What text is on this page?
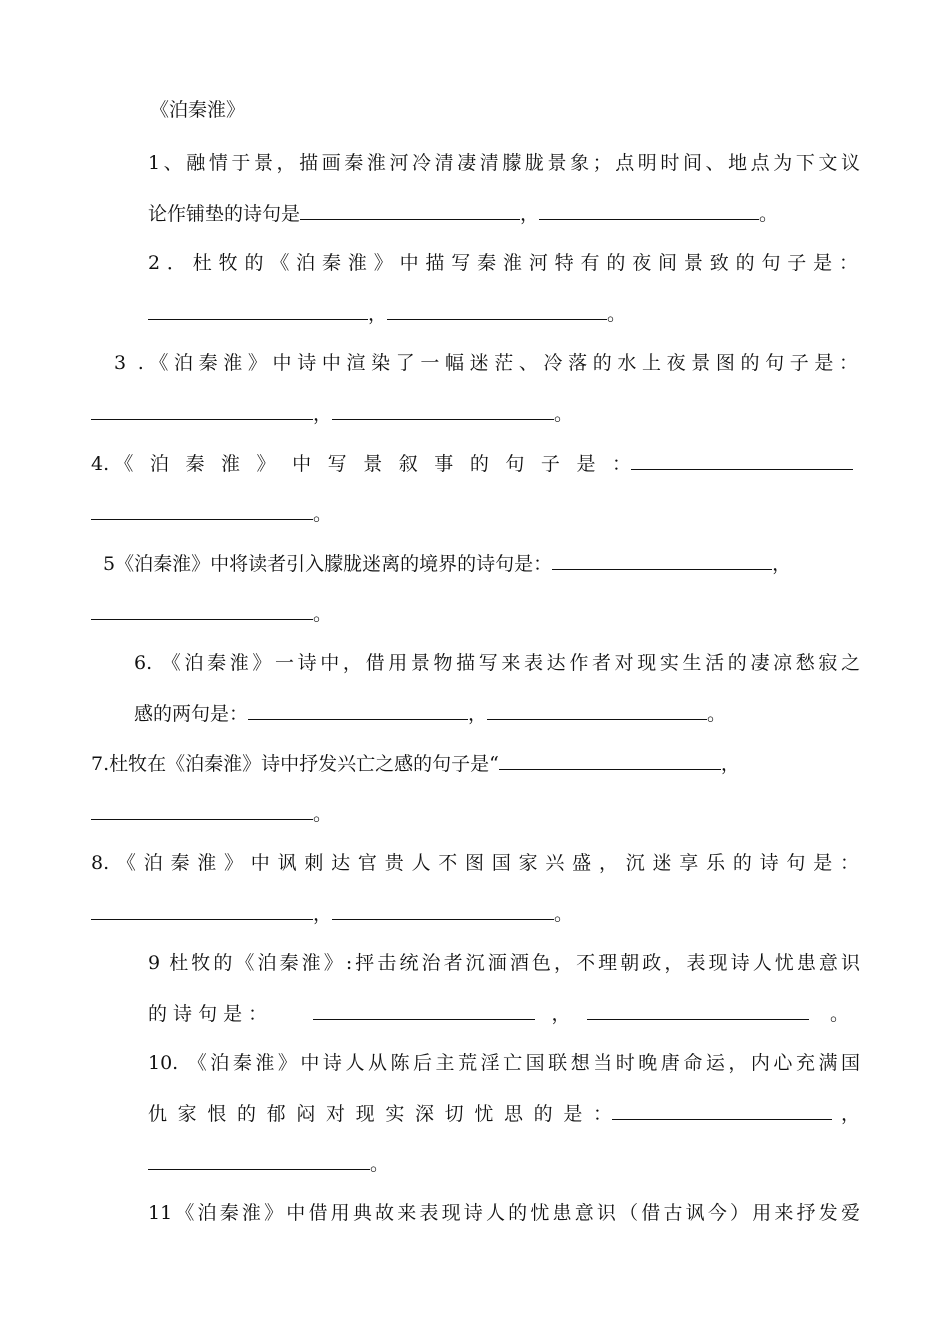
《泊秦淮》
1、融情于景，描画秦淮河冷清凄清朦胧景象；点明时间、地点为下文议
论作铺垫的诗句是	，	。
2．杜牧的《泊秦淮》中描写秦淮河特有的夜间景致的句子是：
，	。
3 .《泊秦淮》中诗中渲染了一幅迷茫、冷落的水上夜景图的句子是：
，	。
4.《 泊 秦 淮 》 中 写 景 叙 事 的 句 子 是 ：
。
5《泊秦淮》中将读者引入朦胧迷离的境界的诗句是：	，
。
6. 《泊秦淮》一诗中，借用景物描写来表达作者对现实生活的凄凉愁寂之
感的两句是：	，	。
7.杜牧在《泊秦淮》诗中抒发兴亡之感的句子是“	，
。
8.《泊秦淮》中讽刺达官贵人不图国家兴盛，沉迷享乐的诗句是：
，	。
9 杜牧的《泊秦淮》:抨击统治者沉湎酒色，不理朝政，表现诗人忧患意识
的 诗 句 是 ：	，	。
10. 《泊秦淮》中诗人从陈后主荒淫亡国联想当时晚唐命运，内心充满国
仇 家 恨 的 郁 闷 对 现 实 深 切 忧 思 的 是 ：	，
。
11《泊秦淮》中借用典故来表现诗人的忧患意识（借古讽今）用来抒发爱
